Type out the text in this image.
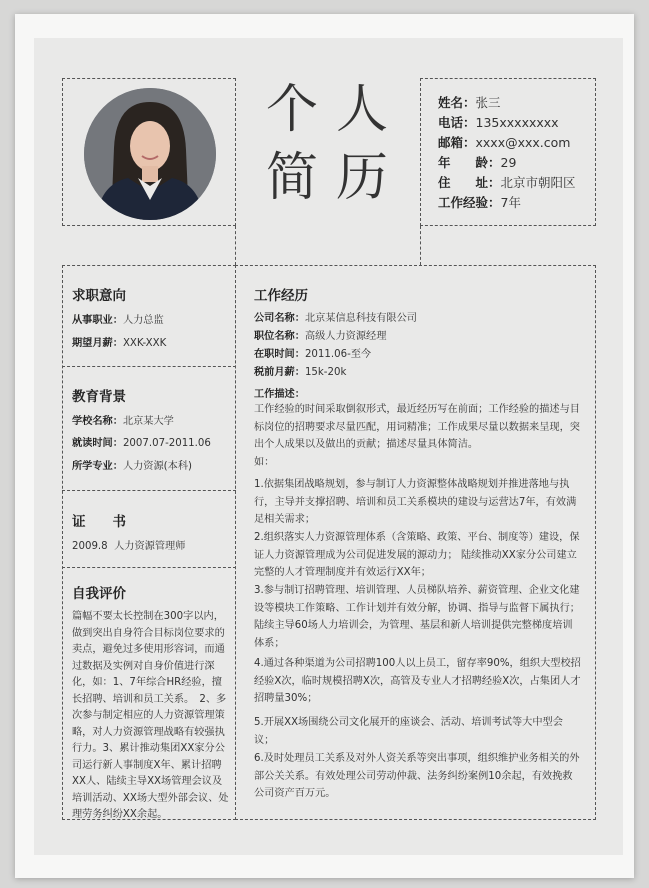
个人
简历
姓名：张三
电话：135xxxxxxxx
邮箱：xxxx@xxx.com
年　　龄：29
住　　址：北京市朝阳区
工作经验：7年
求职意向
从事职业：人力总监
期望月薪：XXK-XXK
教育背景
学校名称：北京某大学
就读时间：2007.07-2011.06
所学专业：人力资源(本科)
证　　书
2009.8  人力资源管理师
自我评价
篇幅不要太长控制在300字以内，做到突出自身符合目标岗位要求的卖点，避免过多使用形容词，而通过数据及实例对自身价值进行深化，如：1、7年综合HR经验，擅长招聘、培训和员工关系。　2、多次参与制定相应的人力资源管理策略，对人力资源管理战略有较强执行力。3、累计推动集团XX家分公司运行新人事制度X年、累计招聘XX人、陆续主导XX场管理会议及培训活动、XX场大型外部会议、处理劳务纠纷XX余起。
工作经历
公司名称：北京某信息科技有限公司
职位名称：高级人力资源经理
在职时间：2011.06-至今
税前月薪：15k-20k
工作描述：
工作经验的时间采取倒叙形式，最近经历写在前面；工作经验的描述与目标岗位的招聘要求尽量匹配，用词精准；工作成果尽量以数据来呈现，突出个人成果以及做出的贡献；描述尽量具体简洁。
如：
1.依据集团战略规划，参与制订人力资源整体战略规划并推进落地与执行，主导并支撑招聘、培训和员工关系模块的建设与运营达7年，有效满足相关需求；
2.组织落实人力资源管理体系（含策略、政策、平台、制度等）建设，保证人力资源管理成为公司促进发展的源动力； 陆续推动XX家分公司建立完整的人才管理制度并有效运行XX年；
3.参与制订招聘管理、培训管理、人员梯队培养、薪资管理、企业文化建设等模块工作策略、工作计划并有效分解，协调、指导与监督下属执行； 陆续主导60场人力培训会，为管理、基层和新人培训提供完整梯度培训体系；
4.通过各种渠道为公司招聘100人以上员工，留存率90%，组织大型校招经验X次，临时规模招聘X次，高管及专业人才招聘经验X次，占集团人才招聘量30%；
5.开展XX场围绕公司文化展开的座谈会、活动、培训考试等大中型会议；
6.及时处理员工关系及对外人资关系等突出事项，组织维护业务相关的外部公关关系。有效处理公司劳动仲裁、法务纠纷案例10余起，有效挽救公司资产百万元。
